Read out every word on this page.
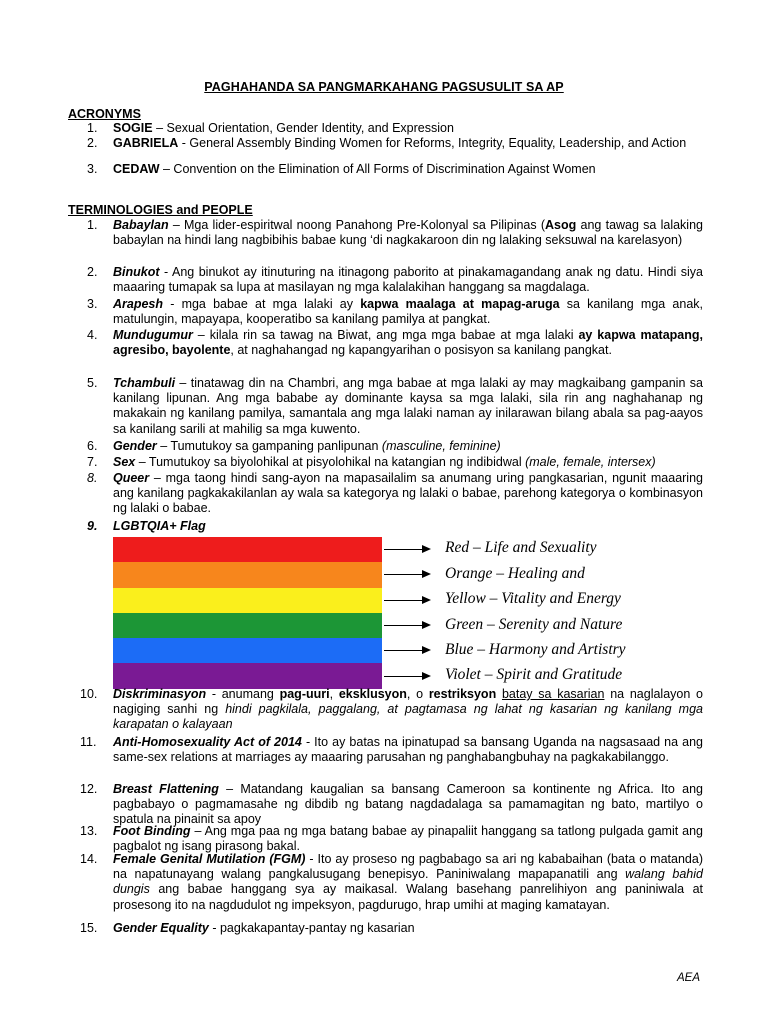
PAGHAHANDA SA PANGMARKAHANG PAGSUSULIT SA AP
ACRONYMS
1.	SOGIE – Sexual Orientation, Gender Identity, and Expression
2.	GABRIELA - General Assembly Binding Women for Reforms, Integrity, Equality, Leadership, and Action
3.	CEDAW – Convention on the Elimination of All Forms of Discrimination Against Women
TERMINOLOGIES and PEOPLE
1.	Babaylan – Mga lider-espiritwal noong Panahong Pre-Kolonyal sa Pilipinas (Asog ang tawag sa lalaking babaylan na hindi lang nagbibihis babae kung ‘di nagkakaroon din ng lalaking seksuwal na karelasyon)
2.	Binukot - Ang binukot ay itinuturing na itinagong paborito at pinakamagandang anak ng datu. Hindi siya maaaring tumapak sa lupa at masilayan ng mga kalalakihan hanggang sa magdalaga.
3.	Arapesh - mga babae at mga lalaki ay kapwa maalaga at mapag-aruga sa kanilang mga anak, matulungin, mapayapa, kooperatibo sa kanilang pamilya at pangkat.
4.	Mundugumur – kilala rin sa tawag na Biwat, ang mga mga babae at mga lalaki ay kapwa matapang, agresibo, bayolente, at naghahangad ng kapangyarihan o posisyon sa kanilang pangkat.
5.	Tchambuli – tinatawag din na Chambri, ang mga babae at mga lalaki ay may magkaibang gampanin sa kanilang lipunan. Ang mga bababe ay dominante kaysa sa mga lalaki, sila rin ang naghahanap ng makakain ng kanilang pamilya, samantala ang mga lalaki naman ay inilarawan bilang abala sa pag-aayos sa kanilang sarili at mahilig sa mga kuwento.
6.	Gender – Tumutukoy sa gampaning panlipunan (masculine, feminine)
7.	Sex – Tumutukoy sa biyolohikal at pisyolohikal na katangian ng indibidwal (male, female, intersex)
8.	Queer – mga taong hindi sang-ayon na mapasailalim sa anumang uring pangkasarian, ngunit maaaring ang kanilang pagkakakilanlan ay wala sa kategorya ng lalaki o babae, parehong kategorya o kombinasyon ng lalaki o babae.
9.	LGBTQIA+ Flag
Red – Life and Sexuality
Orange – Healing and
Yellow – Vitality and Energy
Green – Serenity and Nature
Blue – Harmony and Artistry
Violet – Spirit and Gratitude
10.	Diskriminasyon - anumang pag-uuri, eksklusyon, o restriksyon batay sa kasarian na naglalayon o nagiging sanhi ng hindi pagkilala, paggalang, at pagtamasa ng lahat ng kasarian ng kanilang mga karapatan o kalayaan
11.	Anti-Homosexuality Act of 2014 - Ito ay batas na ipinatupad sa bansang Uganda na nagsasaad na ang same-sex relations at marriages ay maaaring parusahan ng panghabangbuhay na pagkakabilanggo.
12.	Breast Flattening – Matandang kaugalian sa bansang Cameroon sa kontinente ng Africa. Ito ang pagbabayo o pagmamasahe ng dibdib ng batang nagdadalaga sa pamamagitan ng bato, martilyo o spatula na pinainit sa apoy
13.	Foot Binding – Ang mga paa ng mga batang babae ay pinapaliit hanggang sa tatlong pulgada gamit ang pagbalot ng isang pirasong bakal.
14.	Female Genital Mutilation (FGM) - Ito ay proseso ng pagbabago sa ari ng kababaihan (bata o matanda) na napatunayang walang pangkalusugang benepisyo. Paniniwalang mapapanatili ang walang bahid dungis ang babae hanggang sya ay maikasal. Walang basehang panrelihiyon ang paniniwala at prosesong ito na nagdudulot ng impeksyon, pagdurugo, hrap umihi at maging kamatayan.
15.	Gender Equality - pagkakapantay-pantay ng kasarian
AEA
